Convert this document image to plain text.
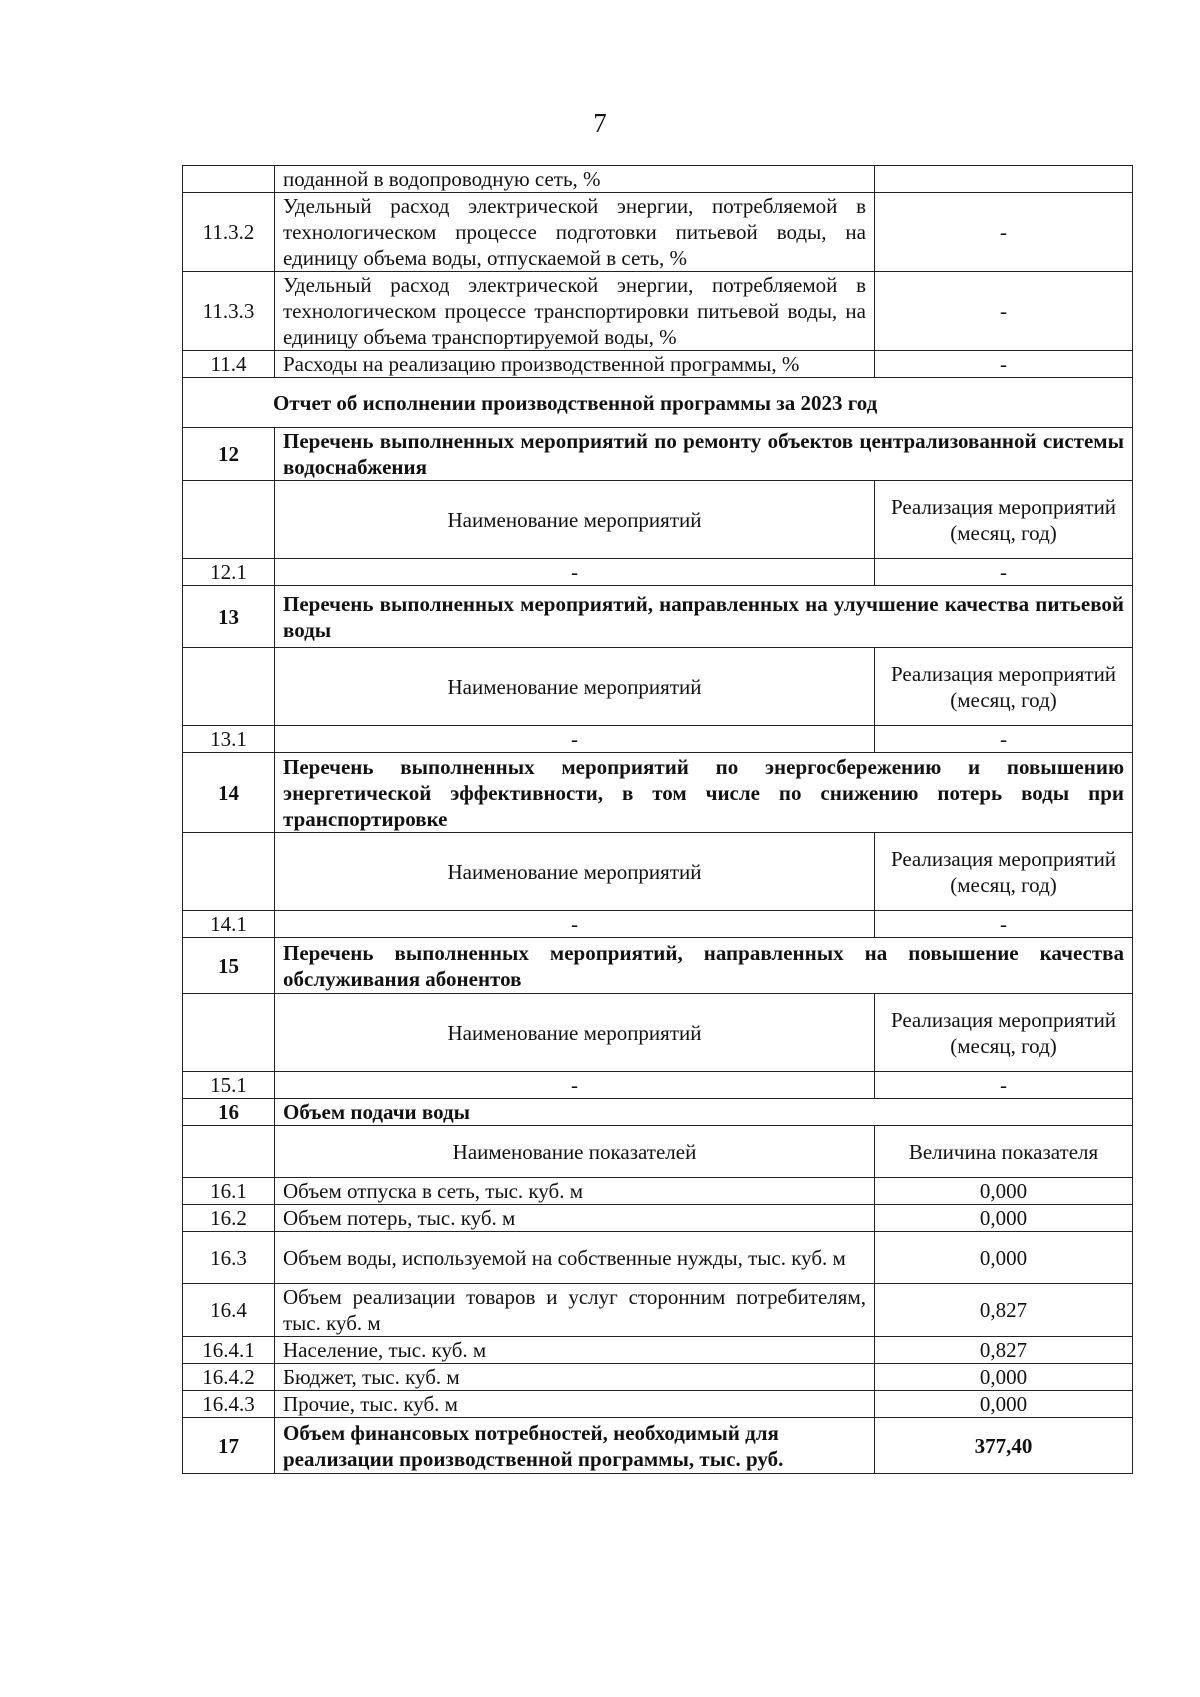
7
	поданной в водопроводную сеть, %	
11.3.2	Удельный расход электрической энергии, потребляемой в технологическом процессе подготовки питьевой воды, на единицу объема воды, отпускаемой в сеть, %	-
11.3.3	Удельный расход электрической энергии, потребляемой в технологическом процессе транспортировки питьевой воды, на единицу объема транспортируемой воды, %	-
11.4	Расходы на реализацию производственной программы, %	-
Отчет об исполнении производственной программы за 2023 год		
12	Перечень выполненных мероприятий по ремонту объектов централизованной системы водоснабжения	
	Наименование мероприятий	Реализация мероприятий (месяц, год)
12.1	-	-
13	Перечень выполненных мероприятий, направленных на улучшение качества питьевой воды	
	Наименование мероприятий	Реализация мероприятий (месяц, год)
13.1	-	-
14	Перечень выполненных мероприятий по энергосбережению и повышению энергетической эффективности, в том числе по снижению потерь воды при транспортировке	
	Наименование мероприятий	Реализация мероприятий (месяц, год)
14.1	-	-
15	Перечень выполненных мероприятий, направленных на повышение качества обслуживания абонентов	
	Наименование мероприятий	Реализация мероприятий (месяц, год)
15.1	-	-
16	Объем подачи воды	
	Наименование показателей	Величина показателя
16.1	Объем отпуска в сеть, тыс. куб. м	0,000
16.2	Объем потерь, тыс. куб. м	0,000
16.3	Объем воды, используемой на собственные нужды, тыс. куб. м	0,000
16.4	Объем реализации товаров и услуг сторонним потребителям, тыс. куб. м	0,827
16.4.1	Население, тыс. куб. м	0,827
16.4.2	Бюджет, тыс. куб. м	0,000
16.4.3	Прочие, тыс. куб. м	0,000
17	Объем финансовых потребностей, необходимый для реализации производственной программы, тыс. руб.	377,40
